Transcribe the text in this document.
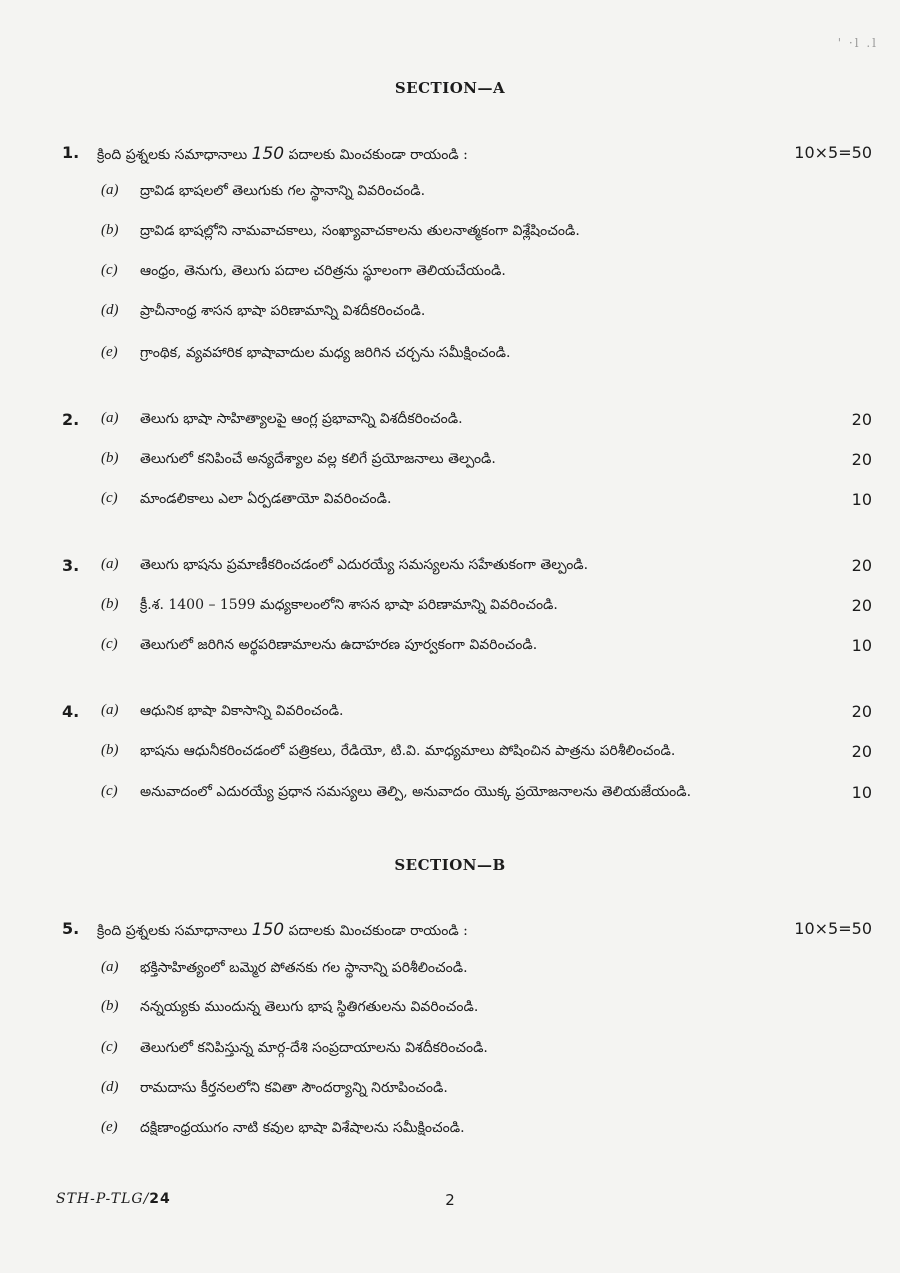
' ·l .l
SECTION—A
1. క్రింది ప్రశ్నలకు సమాధానాలు 150 పదాలకు మించకుండా రాయండి :	10×5=50
(a) ద్రావిడ భాషలలో తెలుగుకు గల స్థానాన్ని వివరించండి.
(b) ద్రావిడ భాషల్లోని నామవాచకాలు, సంఖ్యావాచకాలను తులనాత్మకంగా విశ్లేషించండి.
(c) ఆంధ్రం, తెనుగు, తెలుగు పదాల చరిత్రను స్థూలంగా తెలియచేయండి.
(d) ప్రాచీనాంధ్ర శాసన భాషా పరిణామాన్ని విశదీకరించండి.
(e) గ్రాంథిక, వ్యవహారిక భాషావాదుల మధ్య జరిగిన చర్చను సమీక్షించండి.
2. (a) తెలుగు భాషా సాహిత్యాలపై ఆంగ్ల ప్రభావాన్ని విశదీకరించండి.	20
(b) తెలుగులో కనిపించే అన్యదేశ్యాల వల్ల కలిగే ప్రయోజనాలు తెల్పండి.	20
(c) మాండలికాలు ఎలా ఏర్పడతాయో వివరించండి.	10
3. (a) తెలుగు భాషను ప్రమాణీకరించడంలో ఎదురయ్యే సమస్యలను సహేతుకంగా తెల్పండి.	20
(b) క్రీ.శ. 1400 – 1599 మధ్యకాలంలోని శాసన భాషా పరిణామాన్ని వివరించండి.	20
(c) తెలుగులో జరిగిన అర్థపరిణామాలను ఉదాహరణ పూర్వకంగా వివరించండి.	10
4. (a) ఆధునిక భాషా వికాసాన్ని వివరించండి.	20
(b) భాషను ఆధునీకరించడంలో పత్రికలు, రేడియో, టి.వి. మాధ్యమాలు పోషించిన పాత్రను పరిశీలించండి.	20
(c) అనువాదంలో ఎదురయ్యే ప్రధాన సమస్యలు తెల్పి, అనువాదం యొక్క ప్రయోజనాలను తెలియజేయండి.	10
SECTION—B
5. క్రింది ప్రశ్నలకు సమాధానాలు 150 పదాలకు మించకుండా రాయండి :	10×5=50
(a) భక్తిసాహిత్యంలో బమ్మెర పోతనకు గల స్థానాన్ని పరిశీలించండి.
(b) నన్నయ్యకు ముందున్న తెలుగు భాష స్థితిగతులను వివరించండి.
(c) తెలుగులో కనిపిస్తున్న మార్గ-దేశి సంప్రదాయాలను విశదీకరించండి.
(d) రామదాసు కీర్తనలలోని కవితా సౌందర్యాన్ని నిరూపించండి.
(e) దక్షిణాంధ్రయుగం నాటి కవుల భాషా విశేషాలను సమీక్షించండి.
STH-P-TLG/24	2
